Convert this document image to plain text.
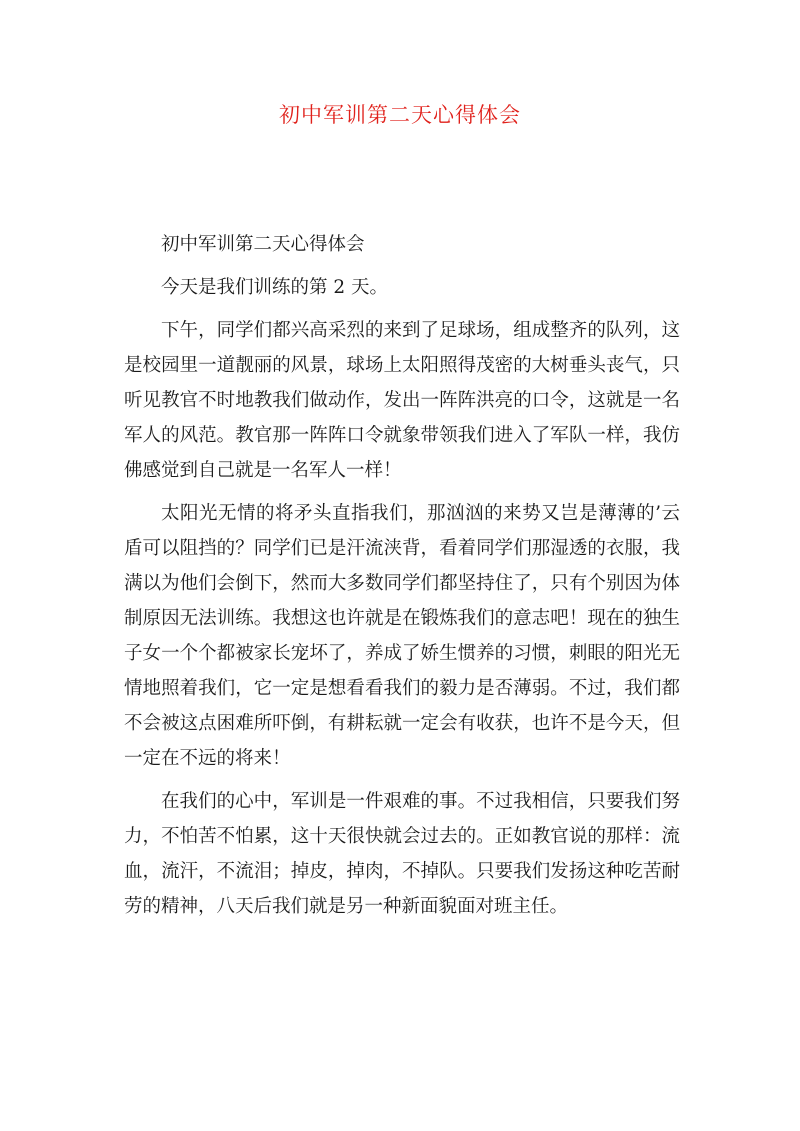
初中军训第二天心得体会

初中军训第二天心得体会

今天是我们训练的第 2 天。

下午，同学们都兴高采烈的来到了足球场，组成整齐的队列，这是校园里一道靓丽的风景，球场上太阳照得茂密的大树垂头丧气，只听见教官不时地教我们做动作，发出一阵阵洪亮的口令，这就是一名军人的风范。教官那一阵阵口令就象带领我们进入了军队一样，我仿佛感觉到自己就是一名军人一样！

太阳光无情的将矛头直指我们，那汹汹的来势又岂是薄薄的’云盾可以阻挡的？同学们已是汗流浃背，看着同学们那湿透的衣服，我满以为他们会倒下，然而大多数同学们都坚持住了，只有个别因为体制原因无法训练。我想这也许就是在锻炼我们的意志吧！现在的独生子女一个个都被家长宠坏了，养成了娇生惯养的习惯，刺眼的阳光无情地照着我们，它一定是想看看我们的毅力是否薄弱。不过，我们都不会被这点困难所吓倒，有耕耘就一定会有收获，也许不是今天，但一定在不远的将来！

在我们的心中，军训是一件艰难的事。不过我相信，只要我们努力，不怕苦不怕累，这十天很快就会过去的。正如教官说的那样：流血，流汗，不流泪；掉皮，掉肉，不掉队。只要我们发扬这种吃苦耐劳的精神，八天后我们就是另一种新面貌面对班主任。
